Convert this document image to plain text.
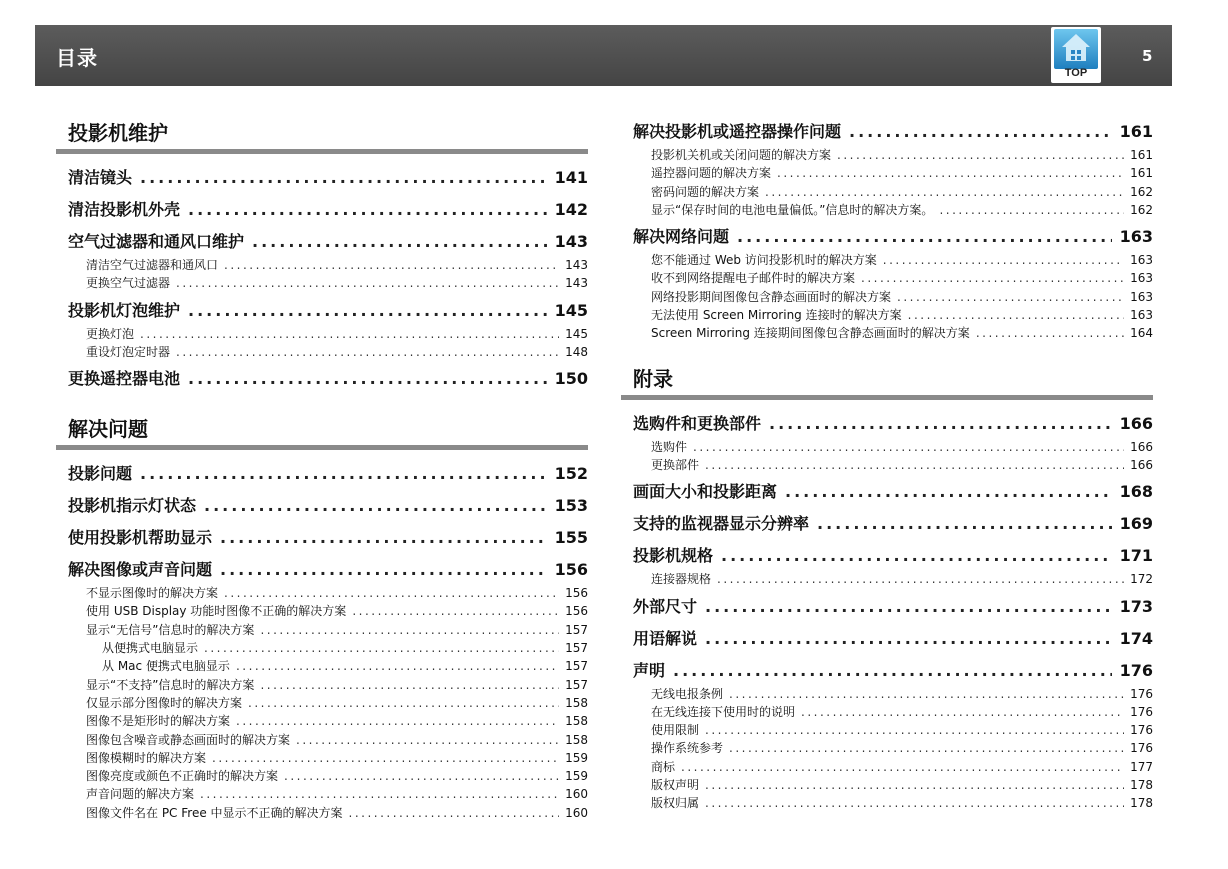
目录
TOP
5
投影机维护
清洁镜头 .....	141
清洁投影机外壳 .....	142
空气过滤器和通风口维护 .....	143
清洁空气过滤器和通风口 .....	143
更换空气过滤器 .....	143
投影机灯泡维护 .....	145
更换灯泡 .....	145
重设灯泡定时器 .....	148
更换遥控器电池 .....	150
解决问题
投影问题 .....	152
投影机指示灯状态 .....	153
使用投影机帮助显示 .....	155
解决图像或声音问题 .....	156
不显示图像时的解决方案 .....	156
使用 USB Display 功能时图像不正确的解决方案 .....	156
显示“无信号”信息时的解决方案 .....	157
从便携式电脑显示 .....	157
从 Mac 便携式电脑显示 .....	157
显示“不支持”信息时的解决方案 .....	157
仅显示部分图像时的解决方案 .....	158
图像不是矩形时的解决方案 .....	158
图像包含噪音或静态画面时的解决方案 .....	158
图像模糊时的解决方案 .....	159
图像亮度或颜色不正确时的解决方案 .....	159
声音问题的解决方案 .....	160
图像文件名在 PC Free 中显示不正确的解决方案 .....	160
解决投影机或遥控器操作问题 .....	161
投影机关机或关闭问题的解决方案 .....	161
遥控器问题的解决方案 .....	161
密码问题的解决方案 .....	162
显示“保存时间的电池电量偏低。”信息时的解决方案。 .....	162
解决网络问题 .....	163
您不能通过 Web 访问投影机时的解决方案 .....	163
收不到网络提醒电子邮件时的解决方案 .....	163
网络投影期间图像包含静态画面时的解决方案 .....	163
无法使用 Screen Mirroring 连接时的解决方案 .....	163
Screen Mirroring 连接期间图像包含静态画面时的解决方案 .....	164
附录
选购件和更换部件 .....	166
选购件 .....	166
更换部件 .....	166
画面大小和投影距离 .....	168
支持的监视器显示分辨率 .....	169
投影机规格 .....	171
连接器规格 .....	172
外部尺寸 .....	173
用语解说 .....	174
声明 .....	176
无线电报条例 .....	176
在无线连接下使用时的说明 .....	176
使用限制 .....	176
操作系统参考 .....	176
商标 .....	177
版权声明 .....	178
版权归属 .....	178
